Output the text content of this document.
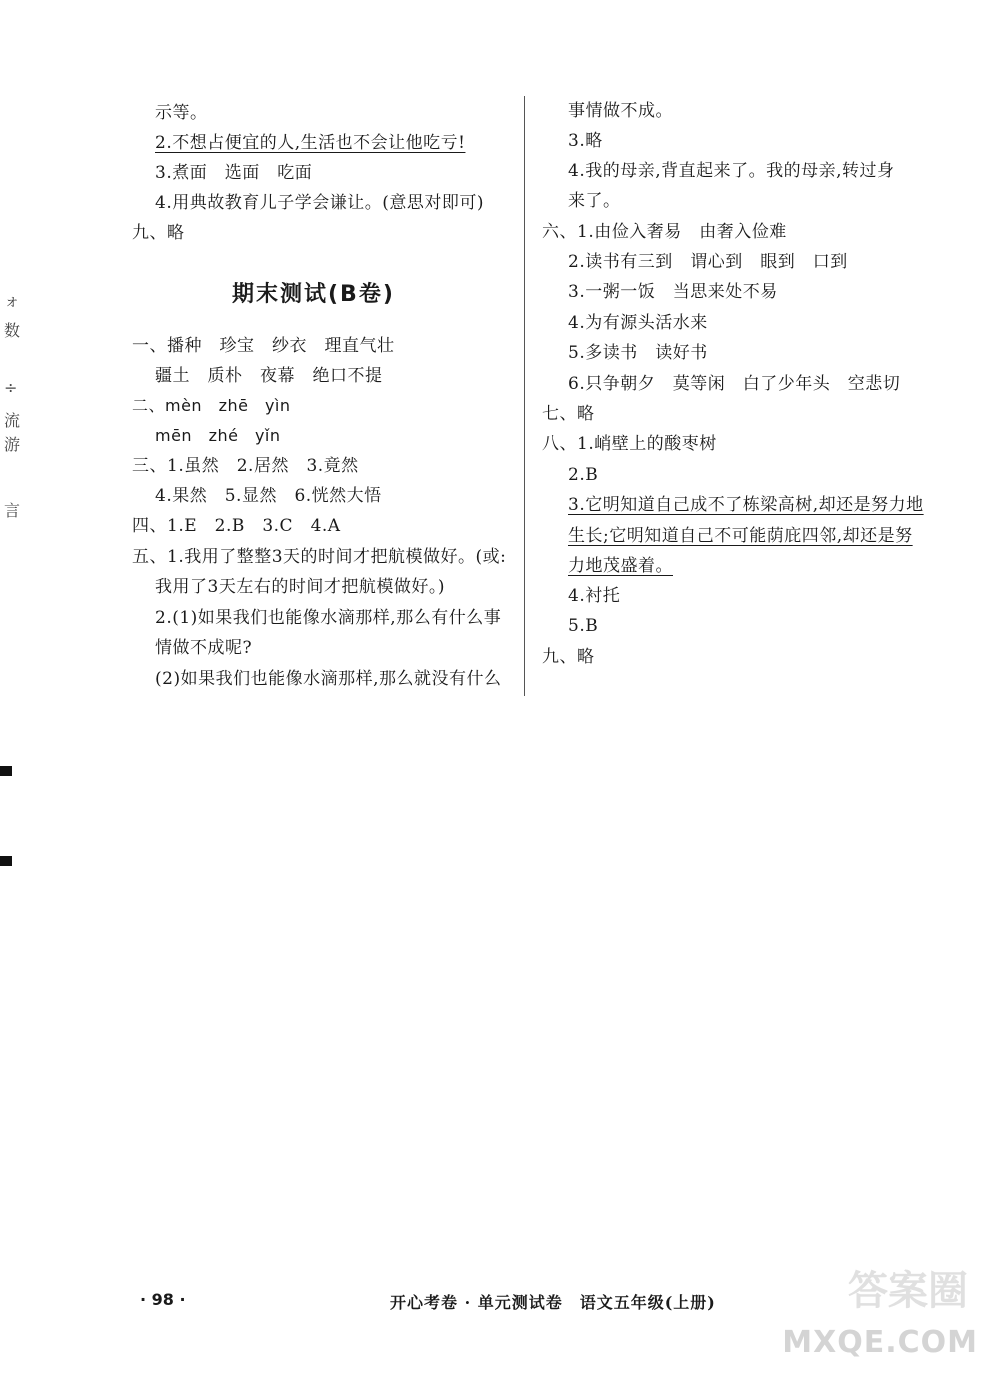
ォ
数
÷
流
游
言
示等。
2.不想占便宜的人,生活也不会让他吃亏!
3.煮面　选面　吃面
4.用典故教育儿子学会谦让。(意思对即可)
九、略
期末测试(B卷)
一、播种　珍宝　纱衣　理直气壮
疆土　质朴　夜幕　绝口不提
二、mèn　zhē　yìn
mēn　zhé　yǐn
三、1.虽然　2.居然　3.竟然
4.果然　5.显然　6.恍然大悟
四、1.E　2.B　3.C　4.A
五、1.我用了整整3天的时间才把航模做好。(或:
我用了3天左右的时间才把航模做好。)
2.(1)如果我们也能像水滴那样,那么有什么事
情做不成呢?
(2)如果我们也能像水滴那样,那么就没有什么
事情做不成。
3.略
4.我的母亲,背直起来了。我的母亲,转过身
来了。
六、1.由俭入奢易　由奢入俭难
2.读书有三到　谓心到　眼到　口到
3.一粥一饭　当思来处不易
4.为有源头活水来
5.多读书　读好书
6.只争朝夕　莫等闲　白了少年头　空悲切
七、略
八、1.峭壁上的酸枣树
2.B
3.它明知道自己成不了栋梁高树,却还是努力地
生长;它明知道自己不可能荫庇四邻,却还是努
力地茂盛着。
4.衬托
5.B
九、略
· 98 ·	开心考卷 · 单元测试卷　语文五年级(上册)	答案圈
MXQE.COM
